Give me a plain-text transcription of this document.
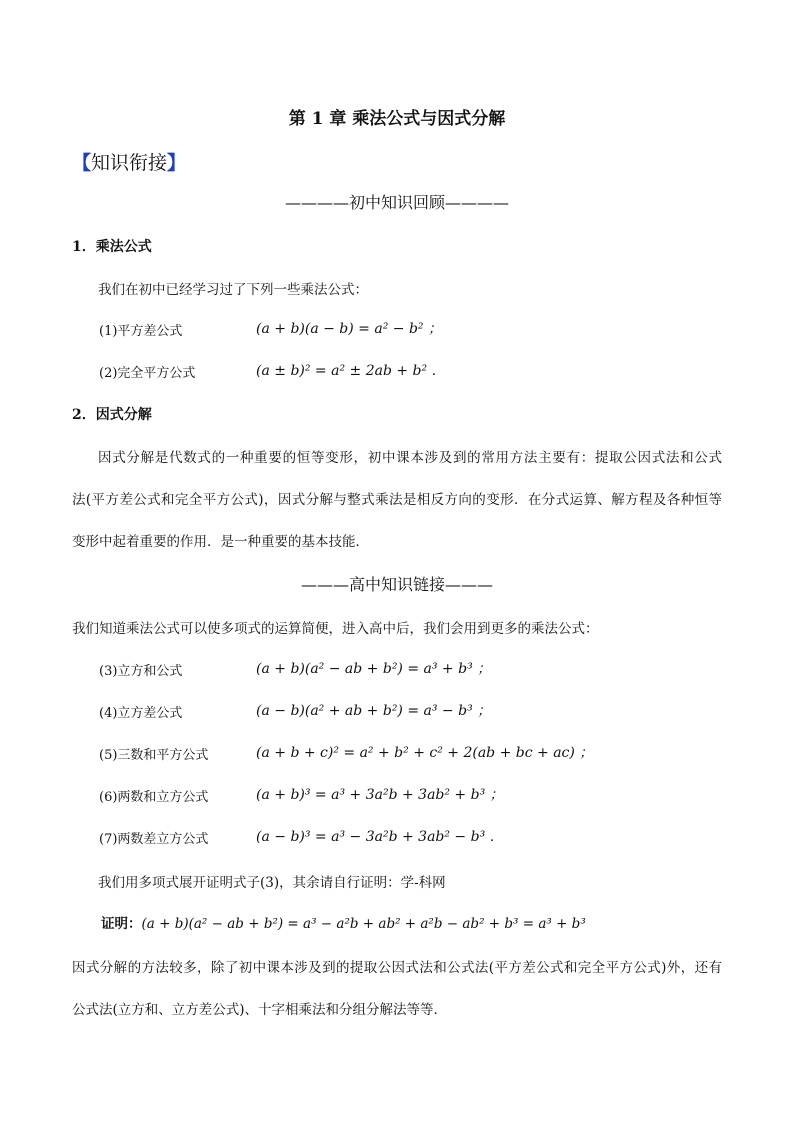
第 1 章 乘法公式与因式分解
【知识衔接】
————初中知识回顾————
1．乘法公式
我们在初中已经学习过了下列一些乘法公式：
(1)平方差公式	(a + b)(a − b) = a² − b² ；
(2)完全平方公式	(a ± b)² = a² ± 2ab + b² ．
2．因式分解
因式分解是代数式的一种重要的恒等变形，初中课本涉及到的常用方法主要有：提取公因式法和公式
法(平方差公式和完全平方公式)，因式分解与整式乘法是相反方向的变形．在分式运算、解方程及各种恒等
变形中起着重要的作用．是一种重要的基本技能．
———高中知识链接———
我们知道乘法公式可以使多项式的运算简便，进入高中后，我们会用到更多的乘法公式：
(3)立方和公式	(a + b)(a² − ab + b²) = a³ + b³ ；
(4)立方差公式	(a − b)(a² + ab + b²) = a³ − b³ ；
(5)三数和平方公式	(a + b + c)² = a² + b² + c² + 2(ab + bc + ac) ；
(6)两数和立方公式	(a + b)³ = a³ + 3a²b + 3ab² + b³ ；
(7)两数差立方公式	(a − b)³ = a³ − 3a²b + 3ab² − b³ ．
我们用多项式展开证明式子(3)，其余请自行证明：学-科网
证明：(a + b)(a² − ab + b²) = a³ − a²b + ab² + a²b − ab² + b³ = a³ + b³
因式分解的方法较多，除了初中课本涉及到的提取公因式法和公式法(平方差公式和完全平方公式)外，还有
公式法(立方和、立方差公式)、十字相乘法和分组分解法等等．
